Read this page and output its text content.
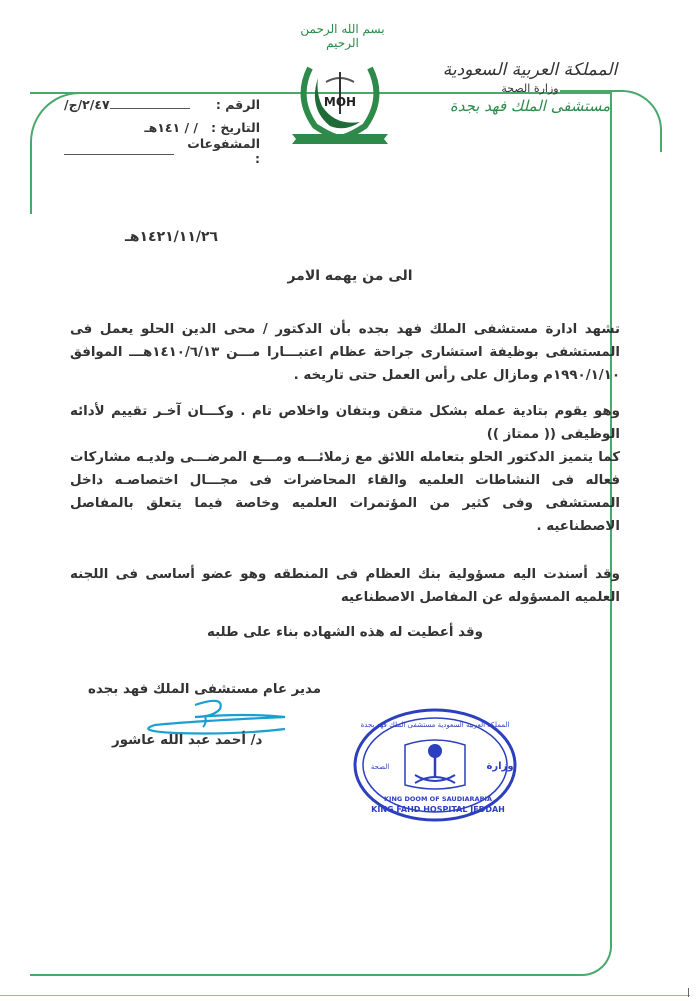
بسم الله الرحمن الرحيم
MOH
المملكة العربية السعودية
وزارة الصحة
مستشفى الملك فهد بجدة
الرقم :
/٢/٤٧/ج
التاريخ :
/ / ١٤١هـ
المشفوعات :
١٤٢١/١١/٢٦هـ
الى من يهمه الامر

تشهد ادارة مستشفى الملك فهد بجده بأن الدكتور / محى الدين الحلو يعمل فى المستشفى بوظيفة استشارى جراحة عظام اعتبـــارا مـــن ١٤١٠/٦/١٣هـــ الموافق ١٩٩٠/١/١٠م ومازال على رأس العمل حتى تاريخه .

وهو يقوم بتادية عمله بشكل متقن وبتفان واخلاص تام . وكـــان آخـر تقييم لأدائه الوظيفى (( ممتاز ))

كما يتميز الدكتور الحلو بتعامله اللائق مع زملائـــه ومـــع المرضـــى ولديـه مشاركات فعاله فى النشاطات العلميه والقاء المحاضرات فى مجـــال اختصاصـه داخل المستشفى وفى كثير من المؤتمرات العلميه وخاصة فيما يتعلق بالمفاصل الاصطناعيه .

وقد أسندت اليه مسؤولية بنك العظام فى المنطقه وهو عضو أساسى فى اللجنه العلميه المسؤوله عن المفاصل الاصطناعيه

وقد أعطيت له هذه الشهاده بناء على طلبه
مدير عام مستشفى الملك فهد بجده
د/ أحمد عبد الله عاشور
المملكة العربية السعودية مستشفى الملك فهد بجدة
وزارة
الصحة
KING DOOM OF SAUDIARABIA
KING FAHD HOSPITAL JEDDAH
